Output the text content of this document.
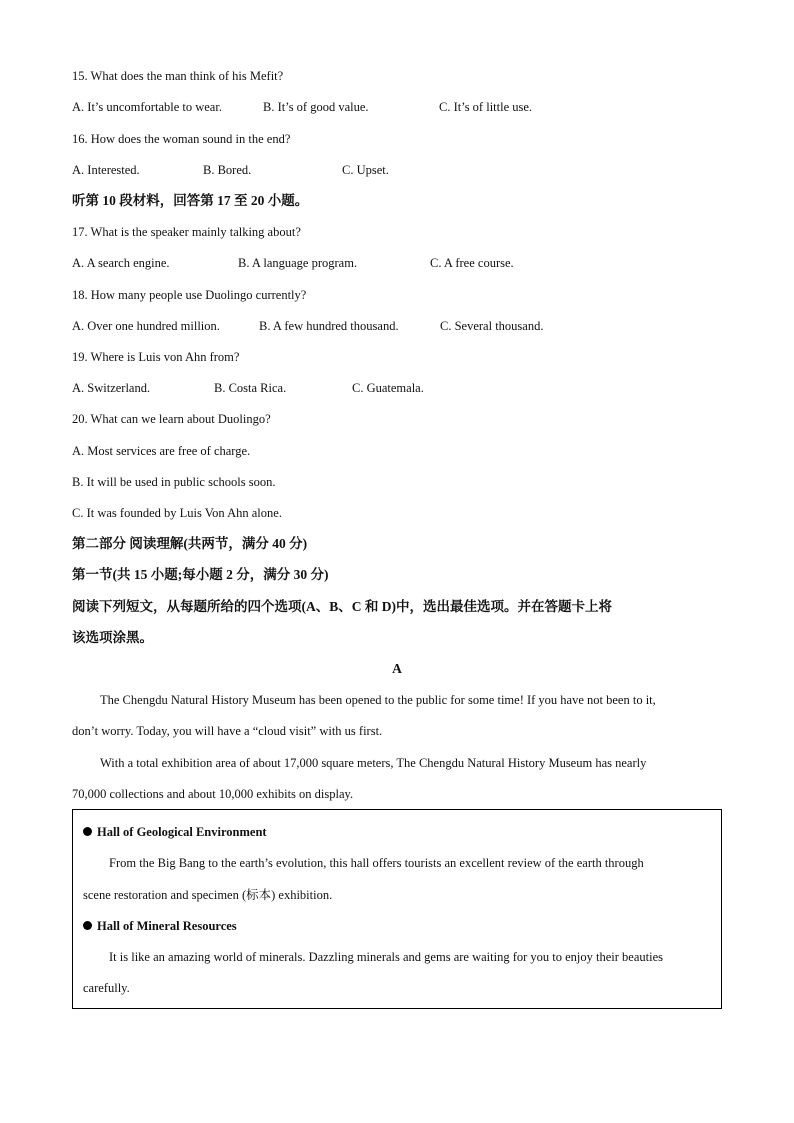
15. What does the man think of his Mefit?
A. It’s uncomfortable to wear.	B. It’s of good value.	C. It’s of little use.
16. How does the woman sound in the end?
A. Interested.	B. Bored.	C. Upset.
听第 10 段材料，回答第 17 至 20 小题。
17. What is the speaker mainly talking about?
A. A search engine.	B. A language program.	C. A free course.
18. How many people use Duolingo currently?
A. Over one hundred million.	B. A few hundred thousand.	C. Several thousand.
19. Where is Luis von Ahn from?
A. Switzerland.	B. Costa Rica.	C. Guatemala.
20. What can we learn about Duolingo?
A. Most services are free of charge.
B. It will be used in public schools soon.
C. It was founded by Luis Von Ahn alone.
第二部分 阅读理解(共两节，满分 40 分)
第一节(共 15 小题;每小题 2 分，满分 30 分)
阅读下列短文，从每题所给的四个选项(A、B、C 和 D)中，选出最佳选项。并在答题卡上将
该选项涂黑。
A
The Chengdu Natural History Museum has been opened to the public for some time! If you have not been to it,
don’t worry. Today, you will have a “cloud visit” with us first.
With a total exhibition area of about 17,000 square meters, The Chengdu Natural History Museum has nearly
70,000 collections and about 10,000 exhibits on display.
Hall of Geological Environment
From the Big Bang to the earth’s evolution, this hall offers tourists an excellent review of the earth through
scene restoration and specimen (标本) exhibition.
Hall of Mineral Resources
It is like an amazing world of minerals. Dazzling minerals and gems are waiting for you to enjoy their beauties
carefully.
